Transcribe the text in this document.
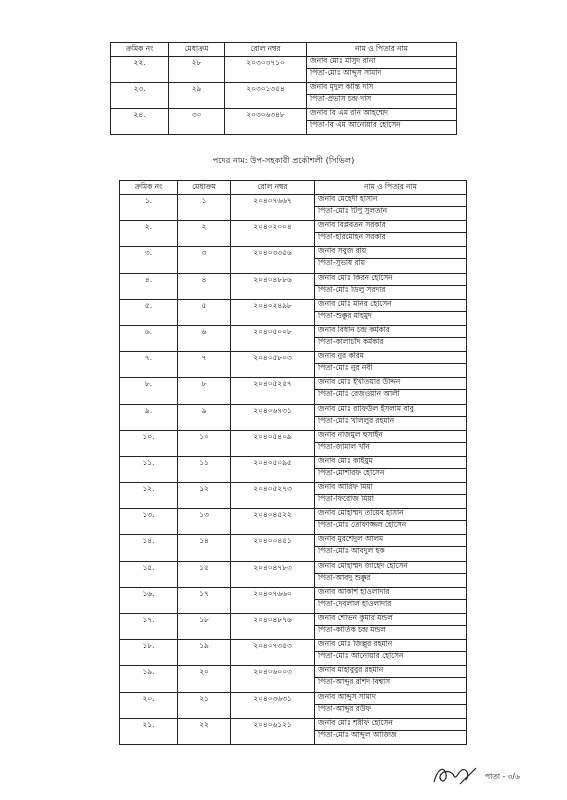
ক্রমিক নং	মেধাক্রম	রোল নম্বর	নাম ও পিতার নাম
২২.	২৮	২০৩০৩৭১০	জনাব মোঃ মাসুদ রানা
পিতা-মোঃ আব্দুস সামাদ

২৩.	২৯	২০৩০১৩৫৪	জনাব মৃদুল কান্তি দাস
পিতা-প্রভাস চন্দ্র দাস

২৪.	৩০	২০৩০৬৩৪৮	জনাব বি এম রনি আহম্মেদ
পিতা-বি এম আনোয়ার হোসেন
পদের নাম: উপ-সহকারী প্রকৌশলী (সিভিল)
ক্রমিক নং	মেধাক্রম	রোল নম্বর	নাম ও পিতার নাম
১.	১	২০৪০৭৬৬৭	জনাব মেহেদী হাসান
পিতা-মোঃ টিপু সুলতান

২.	২	২০৪০২০০৪	জনাব বিপ্লবতন সরকার
পিতা-হরিমোহন সরকার

৩.	৩	২০৪০৩৩৫৬	জনাব সবুজ রায়
পিতা-সুভাষ রায়

৪.	৪	২০৪০৪৮৮৬	জনাব মোঃ কিরন হোসেন
পিতা-মোঃ ডিলু সরদার

৫.	৫	২০৪০২৪৯৮	জনাব মোঃ মনির হোসেন
পিতা-শুক্কুর মাহমুদ

৬.	৬	২০৪০৫০০৮	জনাব বিধান চন্দ্র কর্মকার
পিতা-কালাচাঁদ কর্মকার

৭.	৭	২০৪০৫৮০৩	জনাব নুর করিম
পিতা-মোঃ নুর নবী

৮.	৮	২০৪০৫২৫৭	জনাব মোঃ ইখতিয়ার উদ্দিন
পিতা-মোঃ রেজওয়ান আলী

৯.	৯	২০৪০৬৭৩১	জনাব মোঃ রাফিউল ইসলাম বাবু
পিতা-মোঃ খলিলুর রহমান

১০.	১০	২০৪০৫৪০৯	জনাব নাজমুল হুসাইন
পিতা-জামাল খাঁন

১১.	১১	২০৪০৫০৯৫	জনাব মোঃ কাইয়ুম
পিতা-মোশারফ হোসেন

১২.	১২	২০৪০৫২৭৩	জনাব আরিফ মিয়া
পিতা-ফিরোজ মিয়া

১৩.	১৩	২০৪০৪৫২২	জনাব মোহাম্মদ তায়েব হাসান
পিতা-মোঃ তোফাজ্জল হোসেন

১৪.	১৪	২০৪০০৪৫১	জনাব মুরশেদুল আলম
পিতা-মোঃ আবদুল হক

১৫.	১৫	২০৪০৪৭৮৩	জনাব মোহাম্মদ জাহেদ হোসেন
পিতা-আবদু শুক্কুর

১৬.	১৭	২০৪০৭৬৬০	জনাব আকাশ হাওলাদার
পিতা-দেবলাল হাওলাদার

১৭.	১৮	২০৪০৪৮৭৬	জনাব শোভন কুমার মন্ডল
পিতা-কার্তিক চন্দ্র মন্ডল

১৮.	১৯	২০৪০৭৩৫৩	জনাব মোঃ জিল্লুর রহমান
পিতা-মোঃ আনোয়ার হোসেন

১৯.	২০	২০৪০৬০০৩	জনাব মাহাবুবুর রহমান
পিতা-আব্দুর রশিদ বিশ্বাস

২০.	২১	২০৪০৩৬৩১	জনাব আব্দুস সামাদ
পিতা-আব্দুর রউফ

২১.	২২	২০৪০৬১২১	জনাব মোঃ শরীফ হোসেন
পিতা-মোঃ আব্দুল আজিজ
পাতা - ৩/৬
